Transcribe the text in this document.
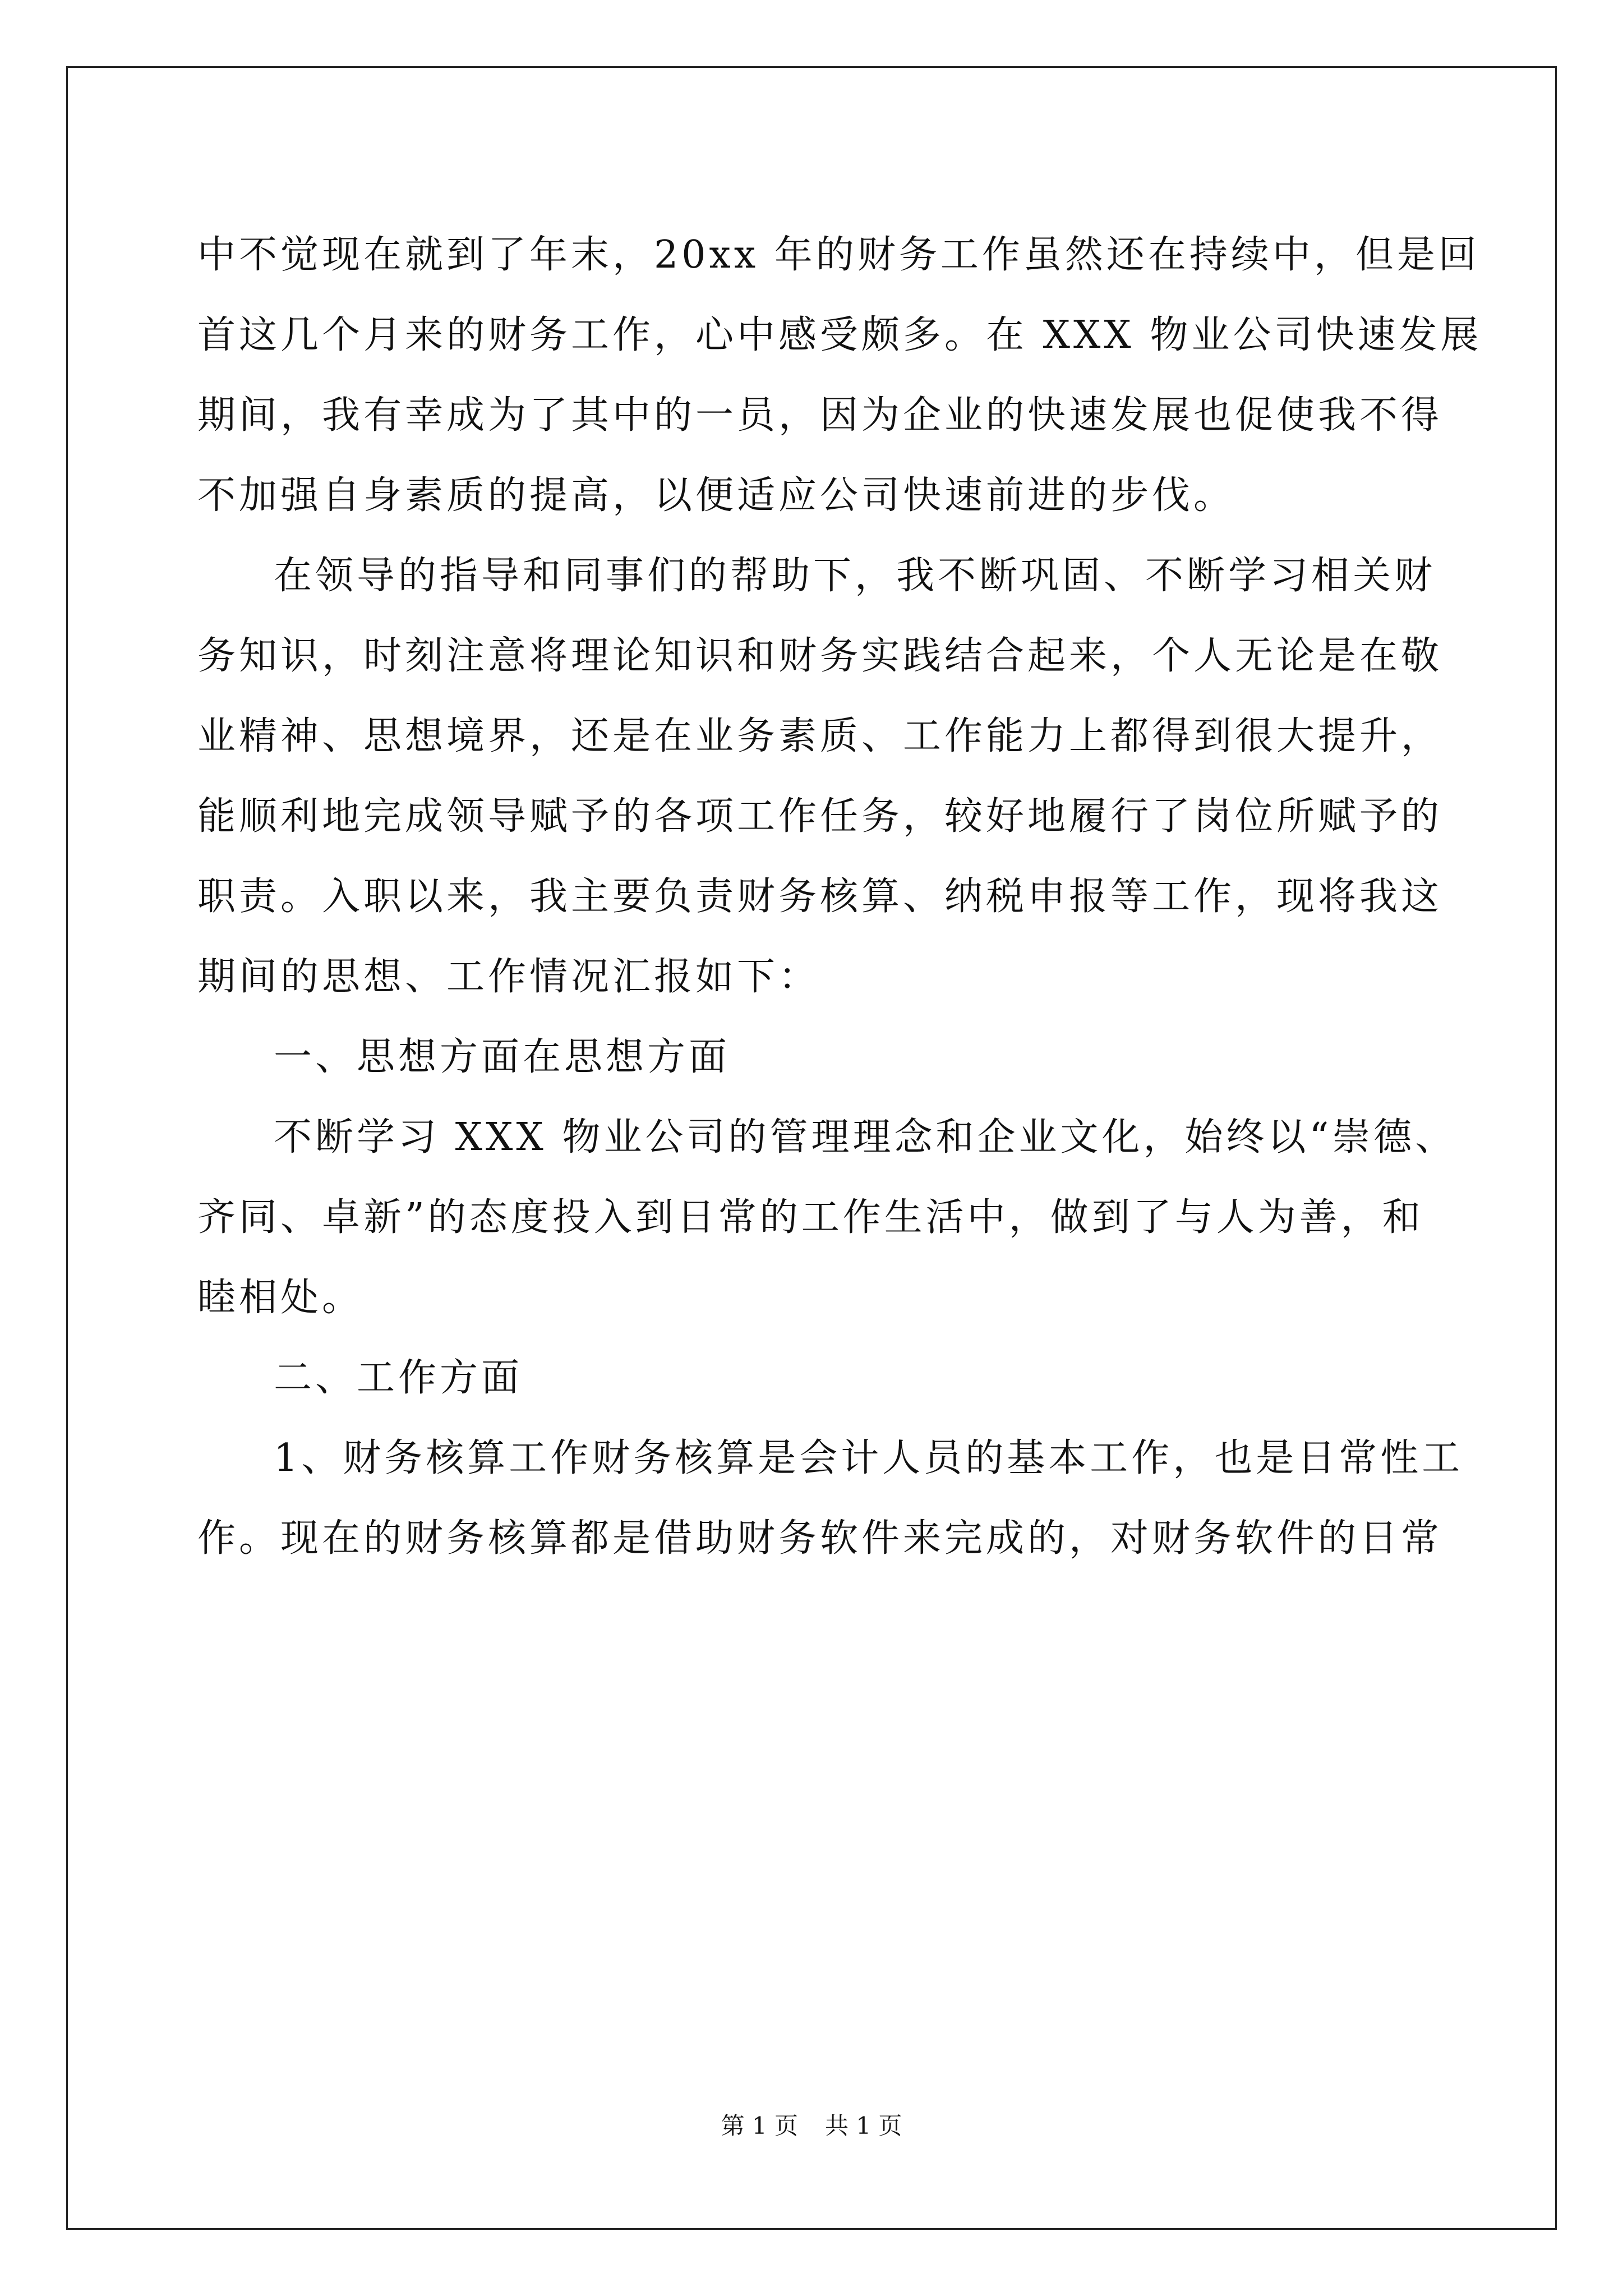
中不觉现在就到了年末，20xx 年的财务工作虽然还在持续中，但是回
首这几个月来的财务工作，心中感受颇多。在 XXX 物业公司快速发展
期间，我有幸成为了其中的一员，因为企业的快速发展也促使我不得
不加强自身素质的提高，以便适应公司快速前进的步伐。
在领导的指导和同事们的帮助下，我不断巩固、不断学习相关财
务知识，时刻注意将理论知识和财务实践结合起来，个人无论是在敬
业精神、思想境界，还是在业务素质、工作能力上都得到很大提升，
能顺利地完成领导赋予的各项工作任务，较好地履行了岗位所赋予的
职责。入职以来，我主要负责财务核算、纳税申报等工作，现将我这
期间的思想、工作情况汇报如下：
一、思想方面在思想方面
不断学习 XXX 物业公司的管理理念和企业文化，始终以“崇德、
齐同、卓新”的态度投入到日常的工作生活中，做到了与人为善，和
睦相处。
二、工作方面
1、财务核算工作财务核算是会计人员的基本工作，也是日常性工
作。现在的财务核算都是借助财务软件来完成的，对财务软件的日常
第 1 页 共 1 页
